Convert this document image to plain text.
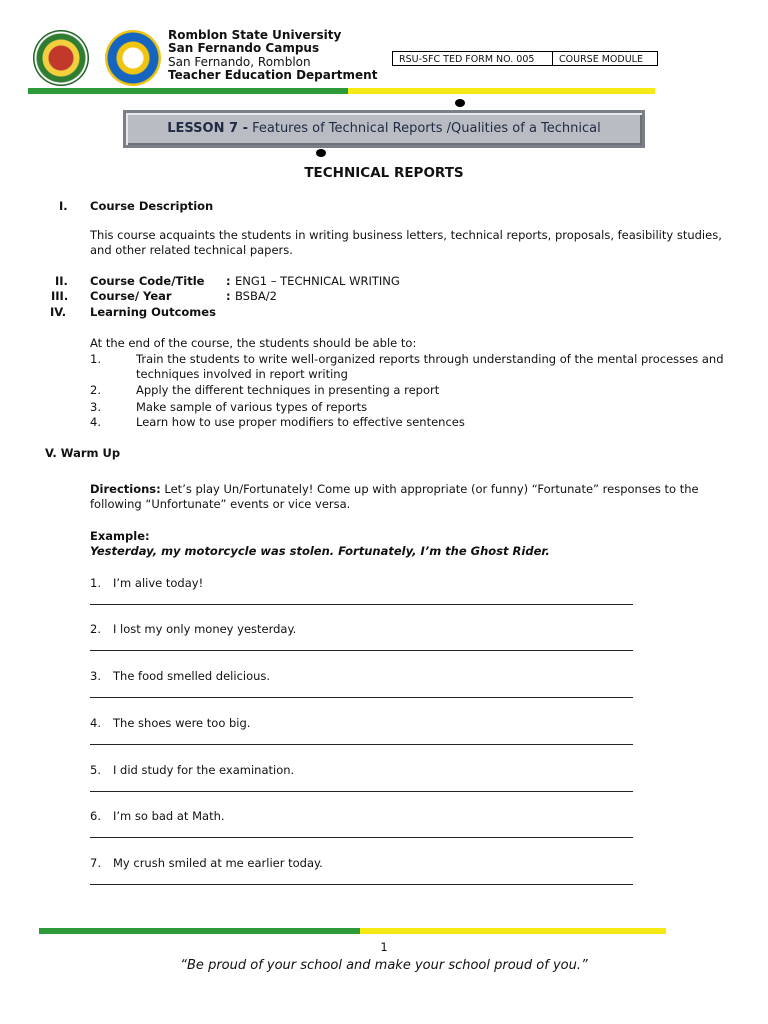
Romblon State University
San Fernando Campus
San Fernando, Romblon
Teacher Education Department
RSU-SFC TED FORM NO. 005	COURSE MODULE
LESSON 7 - Features of Technical Reports /Qualities of a Technical
TECHNICAL REPORTS
I. Course Description
This course acquaints the students in writing business letters, technical reports, proposals, feasibility studies, and other related technical papers.
II. Course Code/Title : ENG1 – TECHNICAL WRITING
III. Course/ Year	: BSBA/2
IV. Learning Outcomes
At the end of the course, the students should be able to:
1.	Train the students to write well-organized reports through understanding of the mental processes and techniques involved in report writing
2.	Apply the different techniques in presenting a report
3.	Make sample of various types of reports
4.	Learn how to use proper modifiers to effective sentences
V. Warm Up
Directions: Let’s play Un/Fortunately! Come up with appropriate (or funny) “Fortunate” responses to the following “Unfortunate” events or vice versa.
Example:
Yesterday, my motorcycle was stolen. Fortunately, I’m the Ghost Rider.
1. I’m alive today!
2. I lost my only money yesterday.
3. The food smelled delicious.
4. The shoes were too big.
5. I did study for the examination.
6. I’m so bad at Math.
7. My crush smiled at me earlier today.
1
“Be proud of your school and make your school proud of you.”
